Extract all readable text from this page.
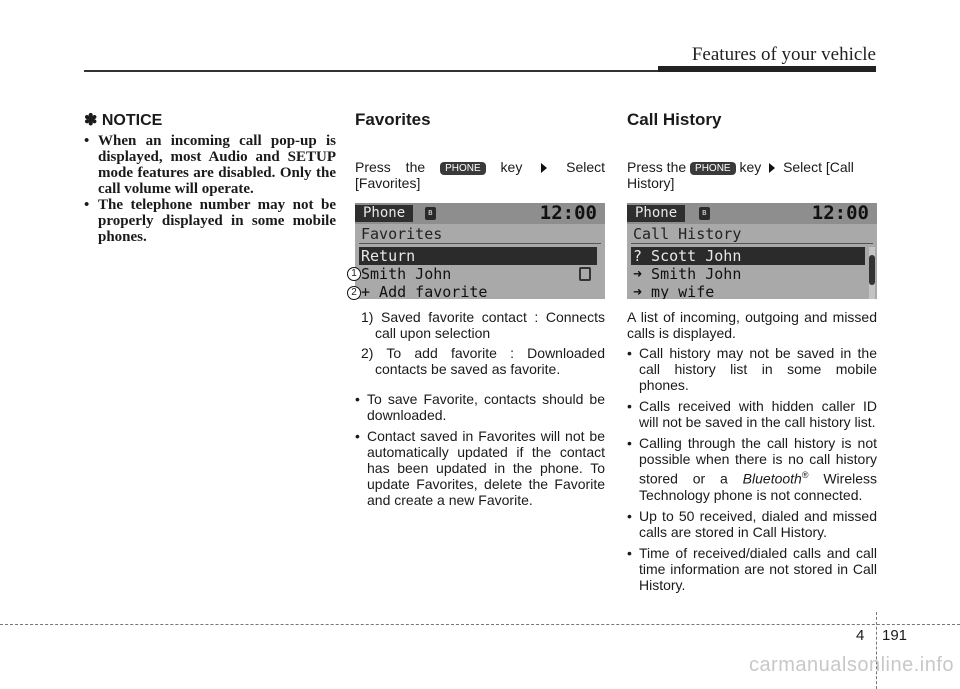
Features of your vehicle
✽ NOTICE
• When an incoming call pop-up is displayed, most Audio and SETUP mode features are disabled. Only the call volume will operate.
• The telephone number may not be properly displayed in some mobile phones.
Favorites

Press the PHONE key	Select [Favorites]

Phone	ʙ	12:00
Favorites
Return
Smith John
+ Add favorite
1
2
1) Saved favorite contact : Connects call upon selection
2) To add favorite : Downloaded contacts be saved as favorite.
• To save Favorite, contacts should be downloaded.
• Contact saved in Favorites will not be automatically updated if the contact has been updated in the phone. To update Favorites, delete the Favorite and create a new Favorite.
Call History

Press the PHONE key Select [Call History]

Phone	ʙ	12:00
Call History
? Scott John
➜ Smith John
➜ my wife

A list of incoming, outgoing and missed calls is displayed.

• Call history may not be saved in the call history list in some mobile phones.
• Calls received with hidden caller ID will not be saved in the call history list.
• Calling through the call history is not possible when there is no call history stored or a Bluetooth® Wireless Technology phone is not connected.
• Up to 50 received, dialed and missed calls are stored in Call History.
• Time of received/dialed calls and call time information are not stored in Call History.
4 191
carmanualsonline.info
